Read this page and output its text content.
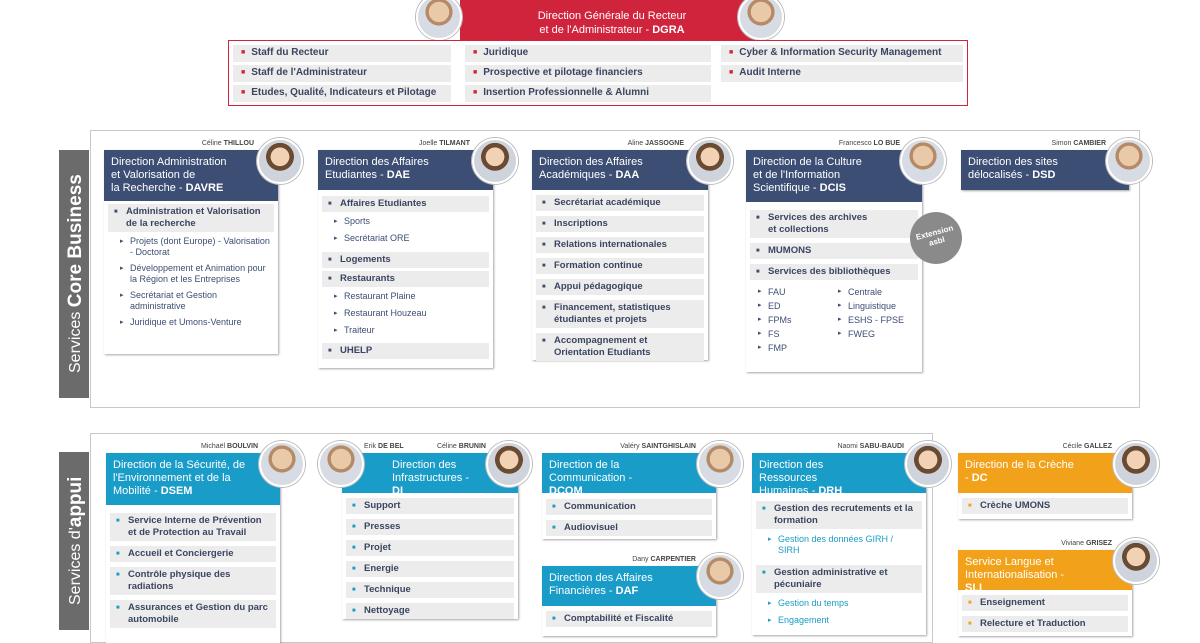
Direction Générale du Recteur
et de l'Administrateur - DGRA
■ Staff du Recteur
■ Staff de l'Administrateur
■ Etudes, Qualité, Indicateurs et Pilotage
■ Juridique
■ Prospective et pilotage financiers
■ Insertion Professionnelle & Alumni
■ Cyber & Information Security Management
■ Audit Interne
Services Core Business
Céline THILLOU
Direction Administration
et Valorisation de
la Recherche - DAVRE
■ Administration et Valorisation de la recherche
▸ Projets (dont Europe) - Valorisation - Doctorat
▸ Développement et Animation pour la Région et les Entreprises
▸ Secrétariat et Gestion administrative
▸ Juridique et Umons-Venture
Joelle TILMANT
Direction des Affaires
Etudiantes - DAE
■ Affaires Etudiantes
▸ Sports
▸ Secrétariat ORE
■ Logements
■ Restaurants
▸ Restaurant Plaine
▸ Restaurant Houzeau
▸ Traiteur
■ UHELP
Aline JASSOGNE
Direction des Affaires
Académiques - DAA
■ Secrétariat académique
■ Inscriptions
■ Relations internationales
■ Formation continue
■ Appui pédagogique
■ Financement, statistiques étudiantes et projets
■ Accompagnement et Orientation Etudiants
Francesco LO BUE
Direction de la Culture
et de l'Information
Scientifique - DCIS
■ Services des archives et collections
■ MUMONS
■ Services des bibliothèques
▸ FAU	▸ Centrale
▸ ED	▸ Linguistique
▸ FPMs	▸ ESHS - FPSE
▸ FS	▸ FWEG
▸ FMP
Extension asbl
Simon CAMBIER
Direction des sites
délocalisés - DSD
Services d'appui
Michaël BOULVIN
Direction de la Sécurité, de
l'Environnement et de la
Mobilité - DSEM
■ Service Interne de Prévention et de Protection au Travail
■ Accueil et Conciergerie
■ Contrôle physique des radiations
■ Assurances et Gestion du parc automobile
Erik DE BEL	Céline BRUNIN
Direction des
Infrastructures - DI
■ Support
■ Presses
■ Projet
■ Energie
■ Technique
■ Nettoyage
Valéry SAINTGHISLAIN
Direction de la
Communication - DCOM
■ Communication
■ Audiovisuel
Dany CARPENTIER
Direction des Affaires
Financières - DAF
■ Comptabilité et Fiscalité
Naomi SABU-BAUDI
Direction des Ressources
Humaines - DRH
■ Gestion des recrutements et la formation
▸ Gestion des données GIRH / SIRH
■ Gestion administrative et pécuniaire
▸ Gestion du temps
▸ Engagement
Cécile GALLEZ
Direction de la Crèche
- DC
■ Crèche UMONS
Viviane GRISEZ
Service Langue et
Internationalisation - SLI
■ Enseignement
■ Relecture et Traduction
